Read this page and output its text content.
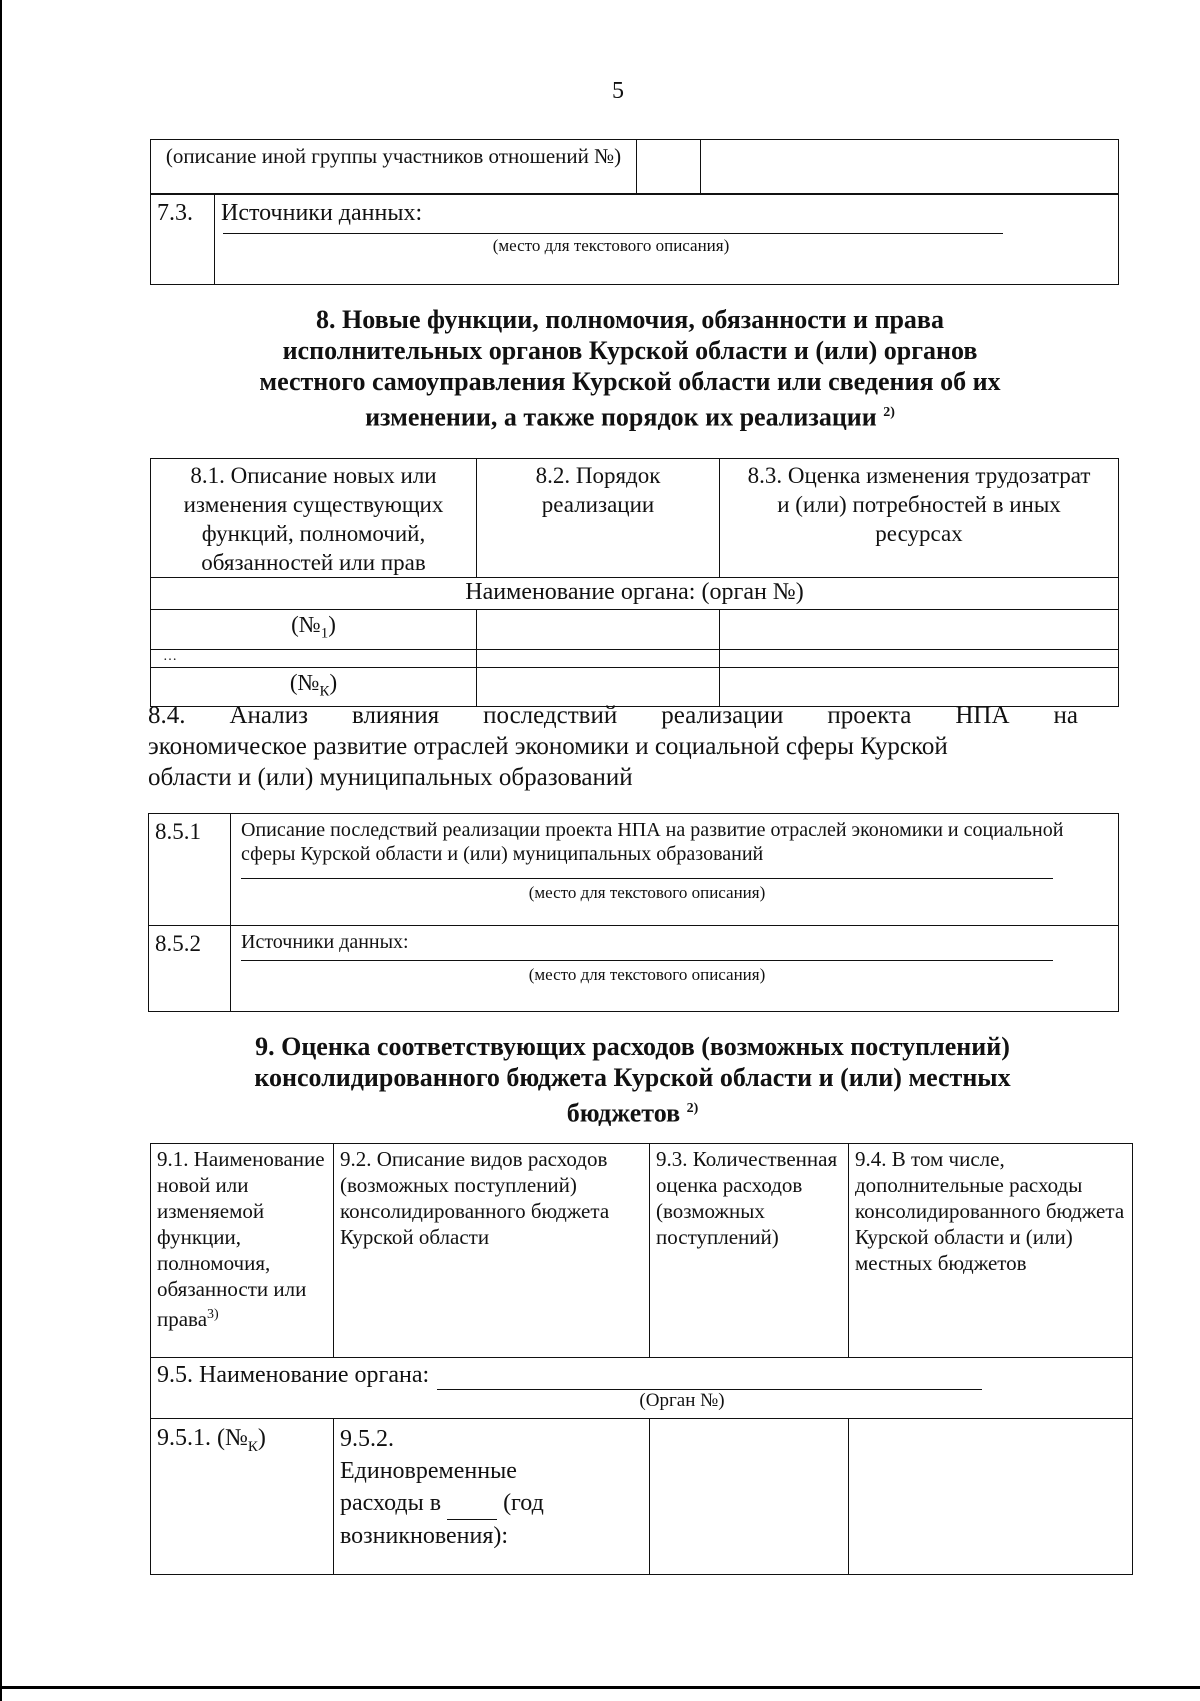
5
(описание иной группы участников отношений №)		
7.3.	Источники данных:
(место для текстового описания)
8. Новые функции, полномочия, обязанности и права
исполнительных органов Курской области и (или) органов
местного самоуправления Курской области или сведения об их
изменении, а также порядок их реализации $^{2)}$
8.1. Описание новых или изменения существующих функций, полномочий, обязанностей или прав	8.2. Порядок реализации	8.3. Оценка изменения трудозатрат и (или) потребностей в иных ресурсах
Наименование органа: (орган №)		
$(№_1)$		
…		
$(№_К)$		
8.4. Анализ влияния последствий реализации проекта НПА на
экономическое развитие отраслей экономики и социальной сферы Курской
области и (или) муниципальных образований
8.5.1	Описание последствий реализации проекта НПА на развитие отраслей экономики и социальной сферы Курской области и (или) муниципальных образований
(место для текстового описания)

8.5.2	Источники данных:
(место для текстового описания)
9. Оценка соответствующих расходов (возможных поступлений)
консолидированного бюджета Курской области и (или) местных
бюджетов $^{2)}$
9.1. Наименование новой или изменяемой функции, полномочия, обязанности или права$^{3)}$	9.2. Описание видов расходов (возможных поступлений) консолидированного бюджета Курской области	9.3. Количественная оценка расходов (возможных поступлений)	9.4. В том числе, дополнительные расходы консолидированного бюджета Курской области и (или) местных бюджетов

9.5. Наименование органа:
(Орган №)			

9.5.1. $(№_К)$	9.5.2.
Единовременные
расходы в (год
возникновения):		
